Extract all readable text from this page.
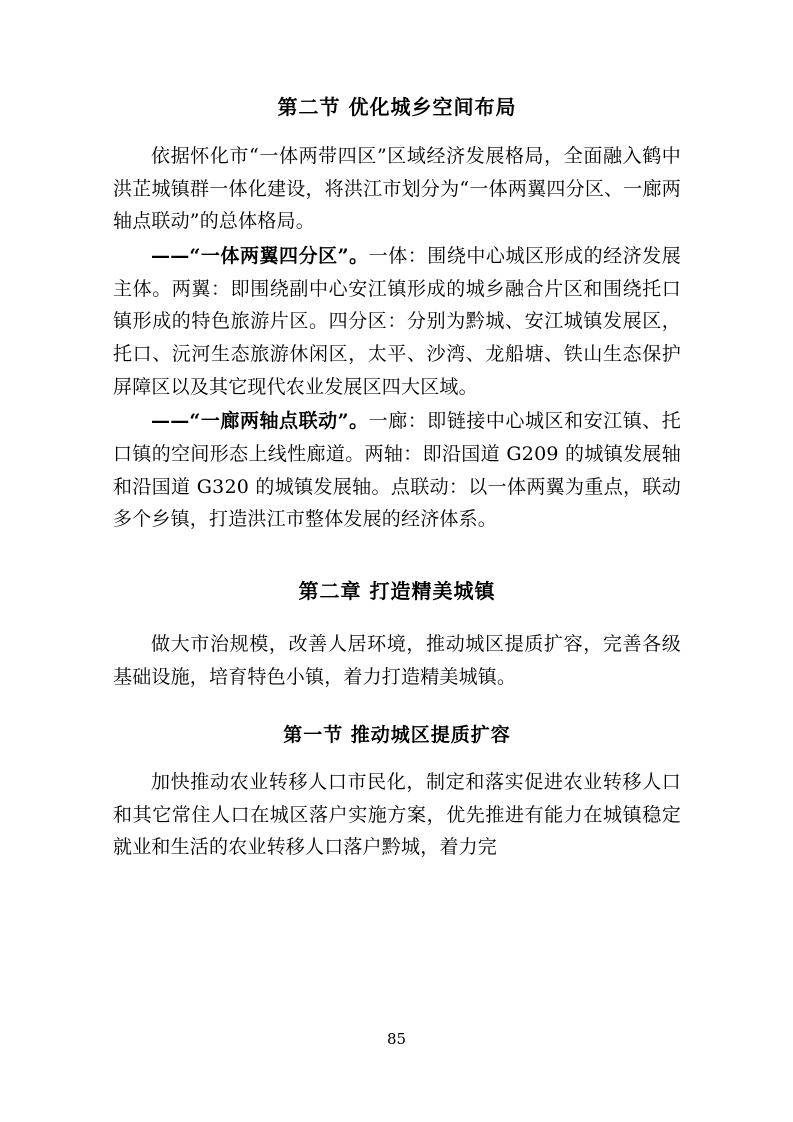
第二节 优化城乡空间布局

依据怀化市“一体两带四区”区域经济发展格局，全面融入鹤中洪芷城镇群一体化建设，将洪江市划分为“一体两翼四分区、一廊两轴点联动”的总体格局。

——“一体两翼四分区”。一体：围绕中心城区形成的经济发展主体。两翼：即围绕副中心安江镇形成的城乡融合片区和围绕托口镇形成的特色旅游片区。四分区：分别为黔城、安江城镇发展区，托口、沅河生态旅游休闲区，太平、沙湾、龙船塘、铁山生态保护屏障区以及其它现代农业发展区四大区域。

——“一廊两轴点联动”。一廊：即链接中心城区和安江镇、托口镇的空间形态上线性廊道。两轴：即沿国道 G209 的城镇发展轴和沿国道 G320 的城镇发展轴。点联动：以一体两翼为重点，联动多个乡镇，打造洪江市整体发展的经济体系。

第二章 打造精美城镇

做大市治规模，改善人居环境，推动城区提质扩容，完善各级基础设施，培育特色小镇，着力打造精美城镇。

第一节 推动城区提质扩容

加快推动农业转移人口市民化，制定和落实促进农业转移人口和其它常住人口在城区落户实施方案，优先推进有能力在城镇稳定就业和生活的农业转移人口落户黔城，着力完

85
